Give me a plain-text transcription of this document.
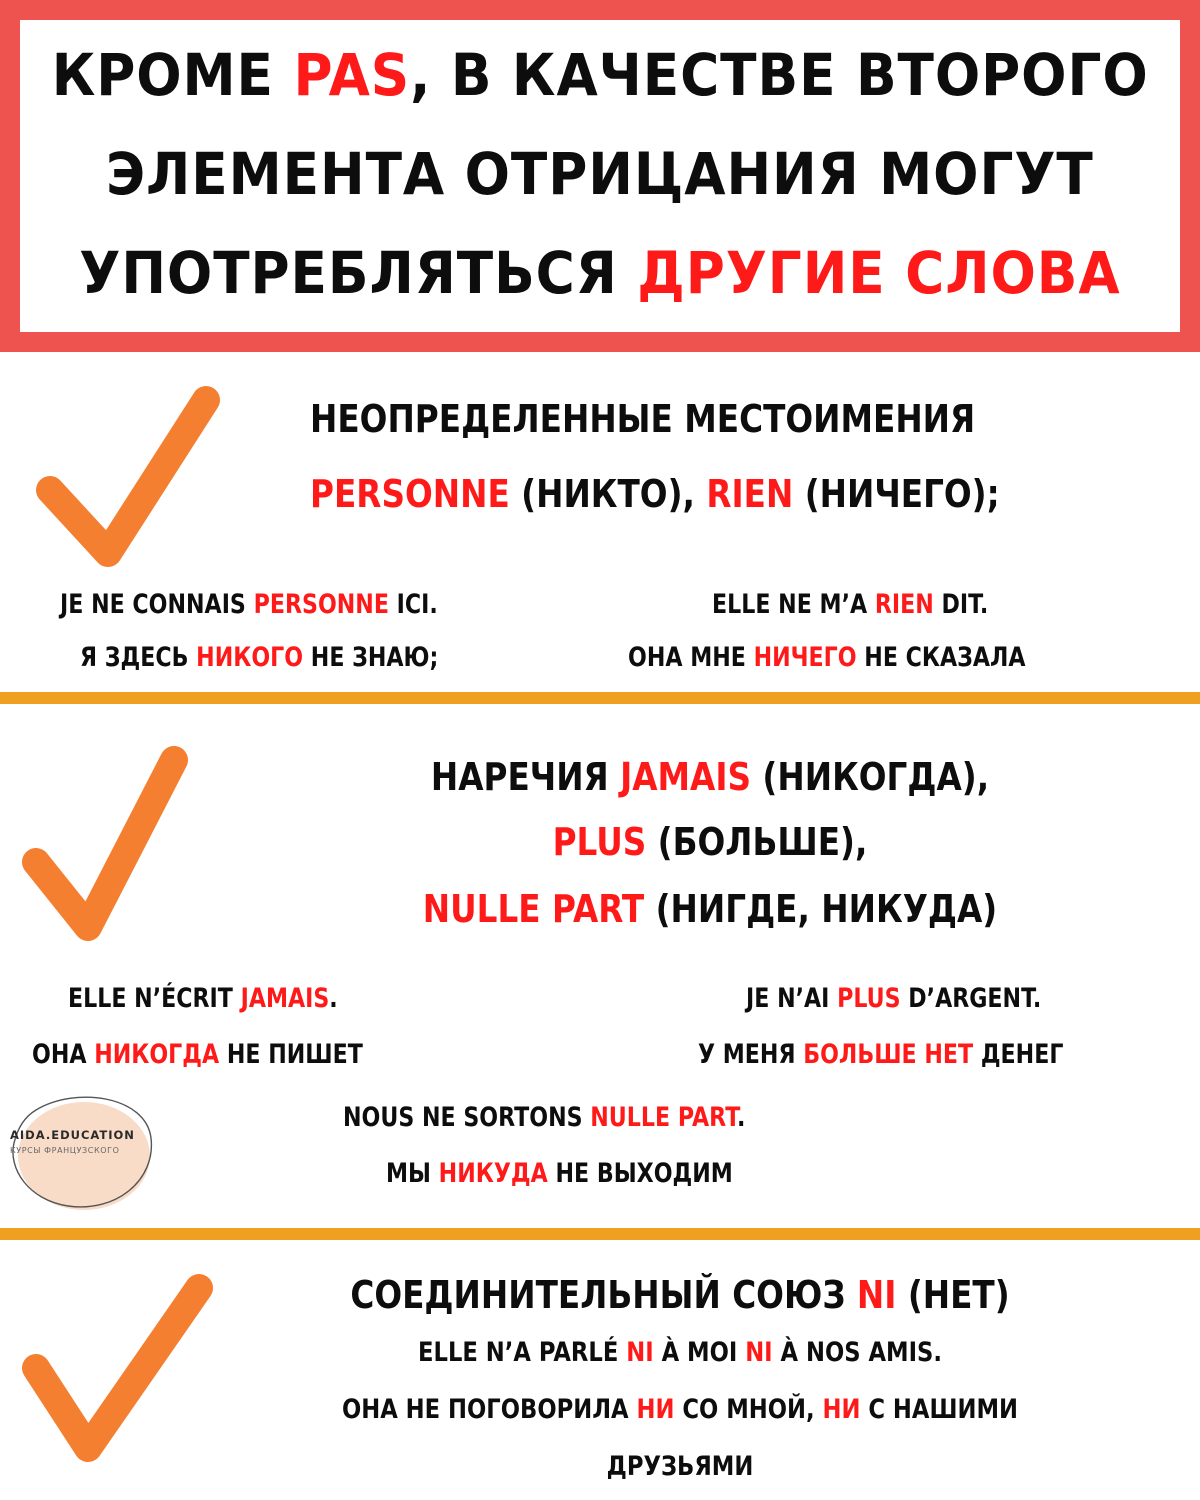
КРОМЕ PAS, В КАЧЕСТВЕ ВТОРОГО
ЭЛЕМЕНТА ОТРИЦАНИЯ МОГУТ
УПОТРЕБЛЯТЬСЯ ДРУГИЕ СЛОВА
НЕОПРЕДЕЛЕННЫЕ МЕСТОИМЕНИЯ
PERSONNE (НИКТО), RIEN (НИЧЕГО);
JE NE CONNAIS PERSONNE ICI.
Я ЗДЕСЬ НИКОГО НЕ ЗНАЮ;
ELLE NE M’A RIEN DIT.
ОНА МНЕ НИЧЕГО НЕ СКАЗАЛА
НАРЕЧИЯ JAMAIS (НИКОГДА),
PLUS (БОЛЬШЕ),
NULLE PART (НИГДЕ, НИКУДА)
ELLE N’ÉCRIT JAMAIS.
ОНА НИКОГДА НЕ ПИШЕТ
JE N’AI PLUS D’ARGENT.
У МЕНЯ БОЛЬШЕ НЕТ ДЕНЕГ
NOUS NE SORTONS NULLE PART.
МЫ НИКУДА НЕ ВЫХОДИМ
AIDA.EDUCATION
КУРСЫ ФРАНЦУЗСКОГО
СОЕДИНИТЕЛЬНЫЙ СОЮЗ NI (НЕТ)
ELLE N’A PARLÉ NI À MOI NI À NOS AMIS.
ОНА НЕ ПОГОВОРИЛА НИ СО МНОЙ, НИ С НАШИМИ
ДРУЗЬЯМИ
